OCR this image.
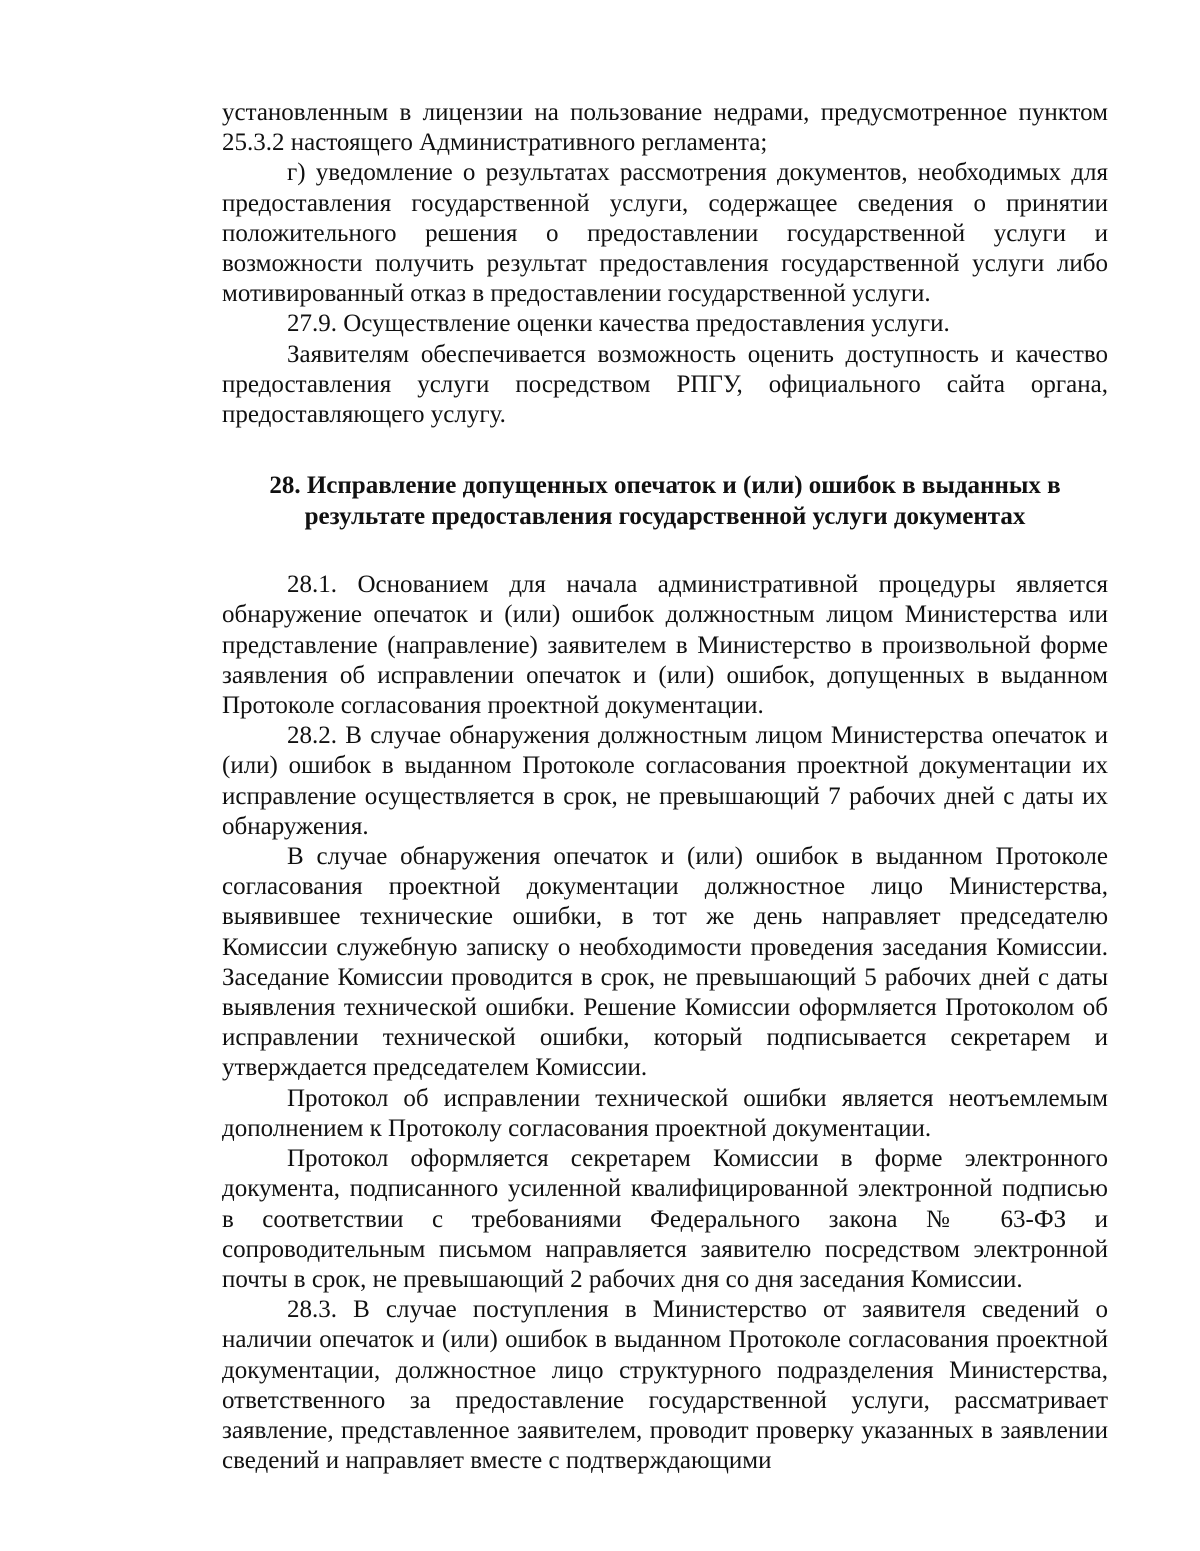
установленным в лицензии на пользование недрами, предусмотренное пунктом 25.3.2 настоящего Административного регламента;

г) уведомление о результатах рассмотрения документов, необходимых для предоставления государственной услуги, содержащее сведения о принятии положительного решения о предоставлении государственной услуги и возможности получить результат предоставления государственной услуги либо мотивированный отказ в предоставлении государственной услуги.

27.9. Осуществление оценки качества предоставления услуги.

Заявителям обеспечивается возможность оценить доступность и качество предоставления услуги посредством РПГУ, официального сайта органа, предоставляющего услугу.

28. Исправление допущенных опечаток и (или) ошибок в выданных в результате предоставления государственной услуги документах

28.1. Основанием для начала административной процедуры является обнаружение опечаток и (или) ошибок должностным лицом Министерства или представление (направление) заявителем в Министерство в произвольной форме заявления об исправлении опечаток и (или) ошибок, допущенных в выданном Протоколе согласования проектной документации.

28.2. В случае обнаружения должностным лицом Министерства опечаток и (или) ошибок в выданном Протоколе согласования проектной документации их исправление осуществляется в срок, не превышающий 7 рабочих дней с даты их обнаружения.

В случае обнаружения опечаток и (или) ошибок в выданном Протоколе согласования проектной документации должностное лицо Министерства, выявившее технические ошибки, в тот же день направляет председателю Комиссии служебную записку о необходимости проведения заседания Комиссии. Заседание Комиссии проводится в срок, не превышающий 5 рабочих дней с даты выявления технической ошибки. Решение Комиссии оформляется Протоколом об исправлении технической ошибки, который подписывается секретарем и утверждается председателем Комиссии.

Протокол об исправлении технической ошибки является неотъемлемым дополнением к Протоколу согласования проектной документации.

Протокол оформляется секретарем Комиссии в форме электронного документа, подписанного усиленной квалифицированной электронной подписью в соответствии с требованиями Федерального закона № 63-ФЗ и сопроводительным письмом направляется заявителю посредством электронной почты в срок, не превышающий 2 рабочих дня со дня заседания Комиссии.

28.3. В случае поступления в Министерство от заявителя сведений о наличии опечаток и (или) ошибок в выданном Протоколе согласования проектной документации, должностное лицо структурного подразделения Министерства, ответственного за предоставление государственной услуги, рассматривает заявление, представленное заявителем, проводит проверку указанных в заявлении сведений и направляет вместе с подтверждающими
